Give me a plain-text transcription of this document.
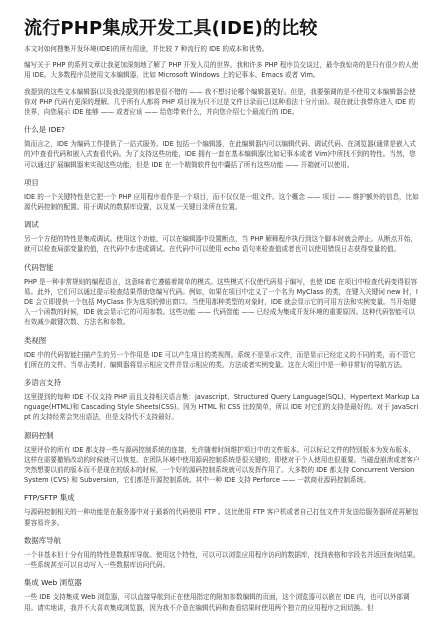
流行PHP集成开发工具(IDE)的比较
本文对如何搜集开发环境(IDE)的所有用途，并比较 7 种流行的 IDE 的成本和优势。
编写关于 PHP 的系列文章让我更加深刻地了解了 PHP 开发人员的世界。我和许多 PHP 程序员交谈过，最令我惊奇的是只有很少的人使用 IDE。大多数程序员使用文本编辑器，比如 Microsoft Windows 上的记事本、Emacs 或者 Vim。
我提到的这些文本编辑器(以及我没提到的)都是很不错的 —— 我不想讨论哪个编辑器更好。但是，我要强调的是不使用文本编辑器会使你对 PHP 代码有更深的理解。几乎所有人都将 PHP 项目视为只不过是文件目录而已(这种看法十分片面)。现在就让我带你进入 IDE 的世界，向您展示 IDE 能够 —— 或者应该 —— 给您带来什么，并向您介绍七个最流行的 IDE。
什么是 IDE?
简而言之，IDE 为编码工作提供了一站式服务。IDE 包括一个编辑器，在此编辑器内可以编辑代码、调试代码、在浏览器(通常是嵌入式的)中查看代码和嵌入式查看代码。为了支持这些功能，IDE 拥有一套在基本编辑器(比如记事本或者 Vim)中所找不到的特性。当然，您可以通过扩展编辑器来实现这些功能，但是 IDE 在一个精简软件包中囊括了所有这些功能 —— 开箱就可以使用。
项目
IDE 的一个关键特性是它把一个 PHP 应用程序看作是一个项目，而不仅仅是一组文件。这个概念 —— 项目 —— 维护额外的信息，比如源代码控制的配置、用于调试的数据库设置，以及某一关键目录所在位置。
调试
另一个方便的特性是集成调试。使用这个功能，可以在编辑器中设置断点，当 PHP 解释程序执行到这个脚本时就会停止。从断点开始，就可以检查局部变量的值，在代码中步进或调试。在代码中可以使用 echo 语句来检查值或者也可以使用错误日志获得变量的值。
代码智能
PHP 是一种非常规则的编程语言，这意味着它遵循着简单的模式。这些模式不仅使代码易于编写，也使 IDE 在项目中检查代码变得很容易。此外，它们可以通过提示检查结果帮助您编写代码。例如，如果在项目中定义了一个名为 MyClass 的类，在键入关键词 new 时，IDE 会立即提供一个包括 MyClass 作为选项的弹出窗口。当使用那种类型的对象时，IDE 就会显示它的可用方法和实例变量。当开始键入一个函数的时候，IDE 就会显示它的可用参数。这些功能 —— 代码智能 —— 已经成为集成开发环境的重要原因。这种代码智能可以有效减少敲键次数、方法名和参数。
类视图
IDE 中的代码智能扫描产生的另一个作用是 IDE 可以产生项目的类视图。系统不是显示文件，而是显示已经定义的不同的类，而不管它们所在的文件。当单击类时，编辑器将显示相应文件并显示相应的类。方法或者实例变量。这在大项目中是一种非常好的导航方法。
多语言支持
这里提到的每种 IDE 不仅支持 PHP 而且支持相关语言集：javascript、Structured Query Language(SQL)、Hypertext Markup Language(HTML)和 Cascading Style Sheets(CSS)。因为 HTML 和 CSS 比较简单，所以 IDE 对它们的支持是最好的。对于 JavaScript 的支持经常会突出语法，但是支持代不支持最好。
源码控制
这里评价的所有 IDE 都支持一些与源码控制系统的连接，允许随着时间维护项目中的文件版本。可以标记文件的特别版本为发布版本，这样在需要撤销改动的时候就可以恢复。在团队环境中使用源码控制系统是很关键的，即使对于个人使用也很重要。当磁盘崩溃或者客户突然想要以前的版本而不是现在的版本的时候，一个好的源码控制系统就可以发挥作用了。大多数的 IDE 都支持 Concurrent Version System (CVS) 和 Subversion，它们都是开源控制系统。其中一种 IDE 支持 Perforce —— 一款商业源码控制系统。
FTP/SFTP 集成
与源码控制相关的一种功能是在服务器中对于最新的代码使用 FTP 。这比使用 FTP 客户机或者自己打包文件并发送给服务器所花再解包要容易许多。
数据库导航
一个非基本但十分有用的特性是数据库导航。使用这个特性，可以可以浏览应用程序访问的数据库，找到表格和字段名并返回查询结果。一些系统甚至可以自动写入一些数据库访问代码。
集成 Web 浏览器
一些 IDE 支持集成 Web 浏览器，可以直接导航到正在使用指定的附加参数编辑的页面，这个浏览器可以嵌在 IDE 内，也可以外部调用。请实地讲，我并不大喜欢集成浏览器，因为我不介意在编辑代码和查看结果时使用两个独立的应用程序之间切换。但
